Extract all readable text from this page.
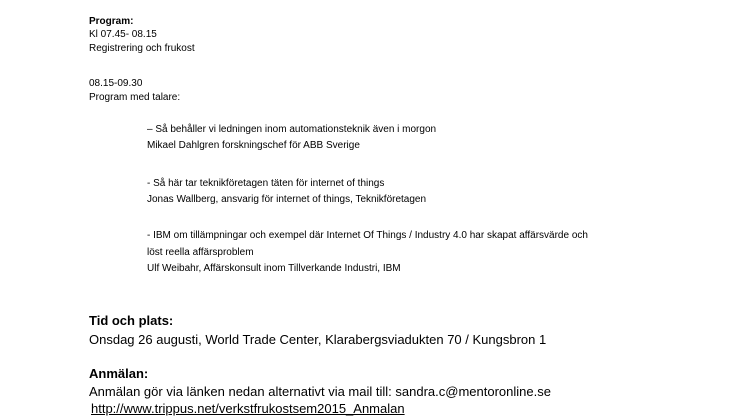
Program:
Kl 07.45- 08.15
Registrering och frukost
08.15-09.30
Program med talare:
– Så behåller vi ledningen inom automationsteknik även i morgon
Mikael Dahlgren forskningschef för ABB Sverige
- Så här tar teknikföretagen täten för internet of things
Jonas Wallberg, ansvarig för internet of things, Teknikföretagen
- IBM om tillämpningar och exempel där Internet Of Things / Industry 4.0 har skapat affärsvärde och
löst reella affärsproblem
Ulf Weibahr, Affärskonsult inom Tillverkande Industri, IBM
Tid och plats:
Onsdag 26 augusti, World Trade Center, Klarabergsviadukten 70 / Kungsbron 1
Anmälan:
Anmälan gör via länken nedan alternativt via mail till: sandra.c@mentoronline.se
http://www.trippus.net/verkstfrukostsem2015_Anmalan
